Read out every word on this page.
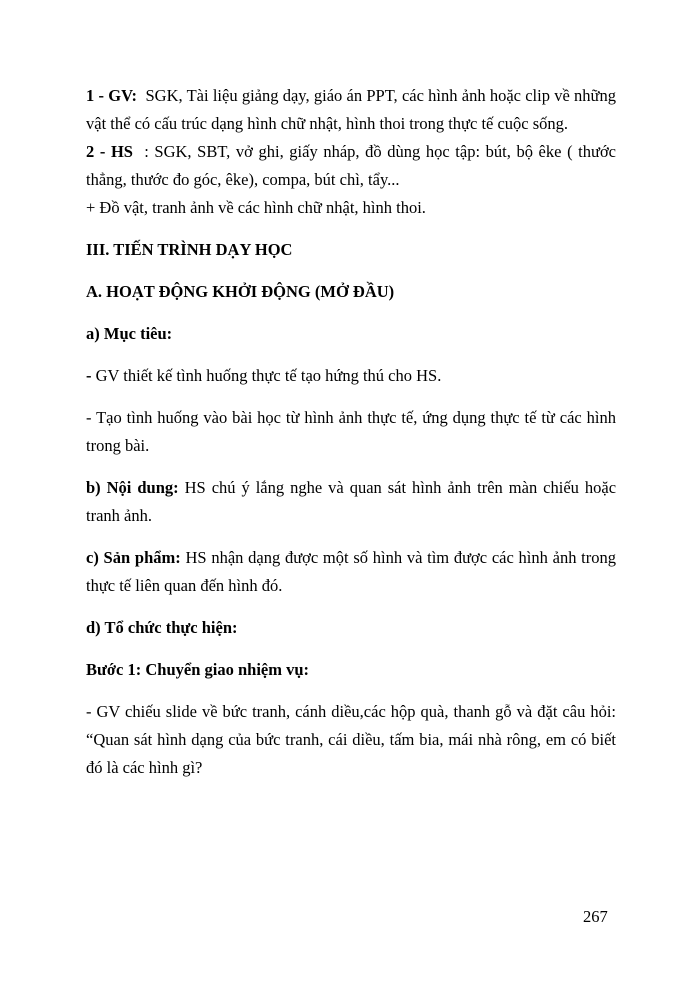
1 - GV: SGK, Tài liệu giảng dạy, giáo án PPT, các hình ảnh hoặc clip về những vật thể có cấu trúc dạng hình chữ nhật, hình thoi trong thực tế cuộc sống.

2 - HS : SGK, SBT, vở ghi, giấy nháp, đồ dùng học tập: bút, bộ êke ( thước thẳng, thước đo góc, êke), compa, bút chì, tẩy...

+ Đồ vật, tranh ảnh về các hình chữ nhật, hình thoi.

III. TIẾN TRÌNH DẠY HỌC

A. HOẠT ĐỘNG KHỞI ĐỘNG (MỞ ĐẦU)

a) Mục tiêu:

- GV thiết kế tình huống thực tế tạo hứng thú cho HS.

- Tạo tình huống vào bài học từ hình ảnh thực tế, ứng dụng thực tế từ các hình trong bài.

b) Nội dung: HS chú ý lắng nghe và quan sát hình ảnh trên màn chiếu hoặc tranh ảnh.

c) Sản phẩm: HS nhận dạng được một số hình và tìm được các hình ảnh trong thực tế liên quan đến hình đó.

d) Tổ chức thực hiện:

Bước 1: Chuyển giao nhiệm vụ:

- GV chiếu slide về bức tranh, cánh diều,các hộp quà, thanh gỗ và đặt câu hỏi: “Quan sát hình dạng của bức tranh, cái diều, tấm bia, mái nhà rông, em có biết đó là các hình gì?

267
